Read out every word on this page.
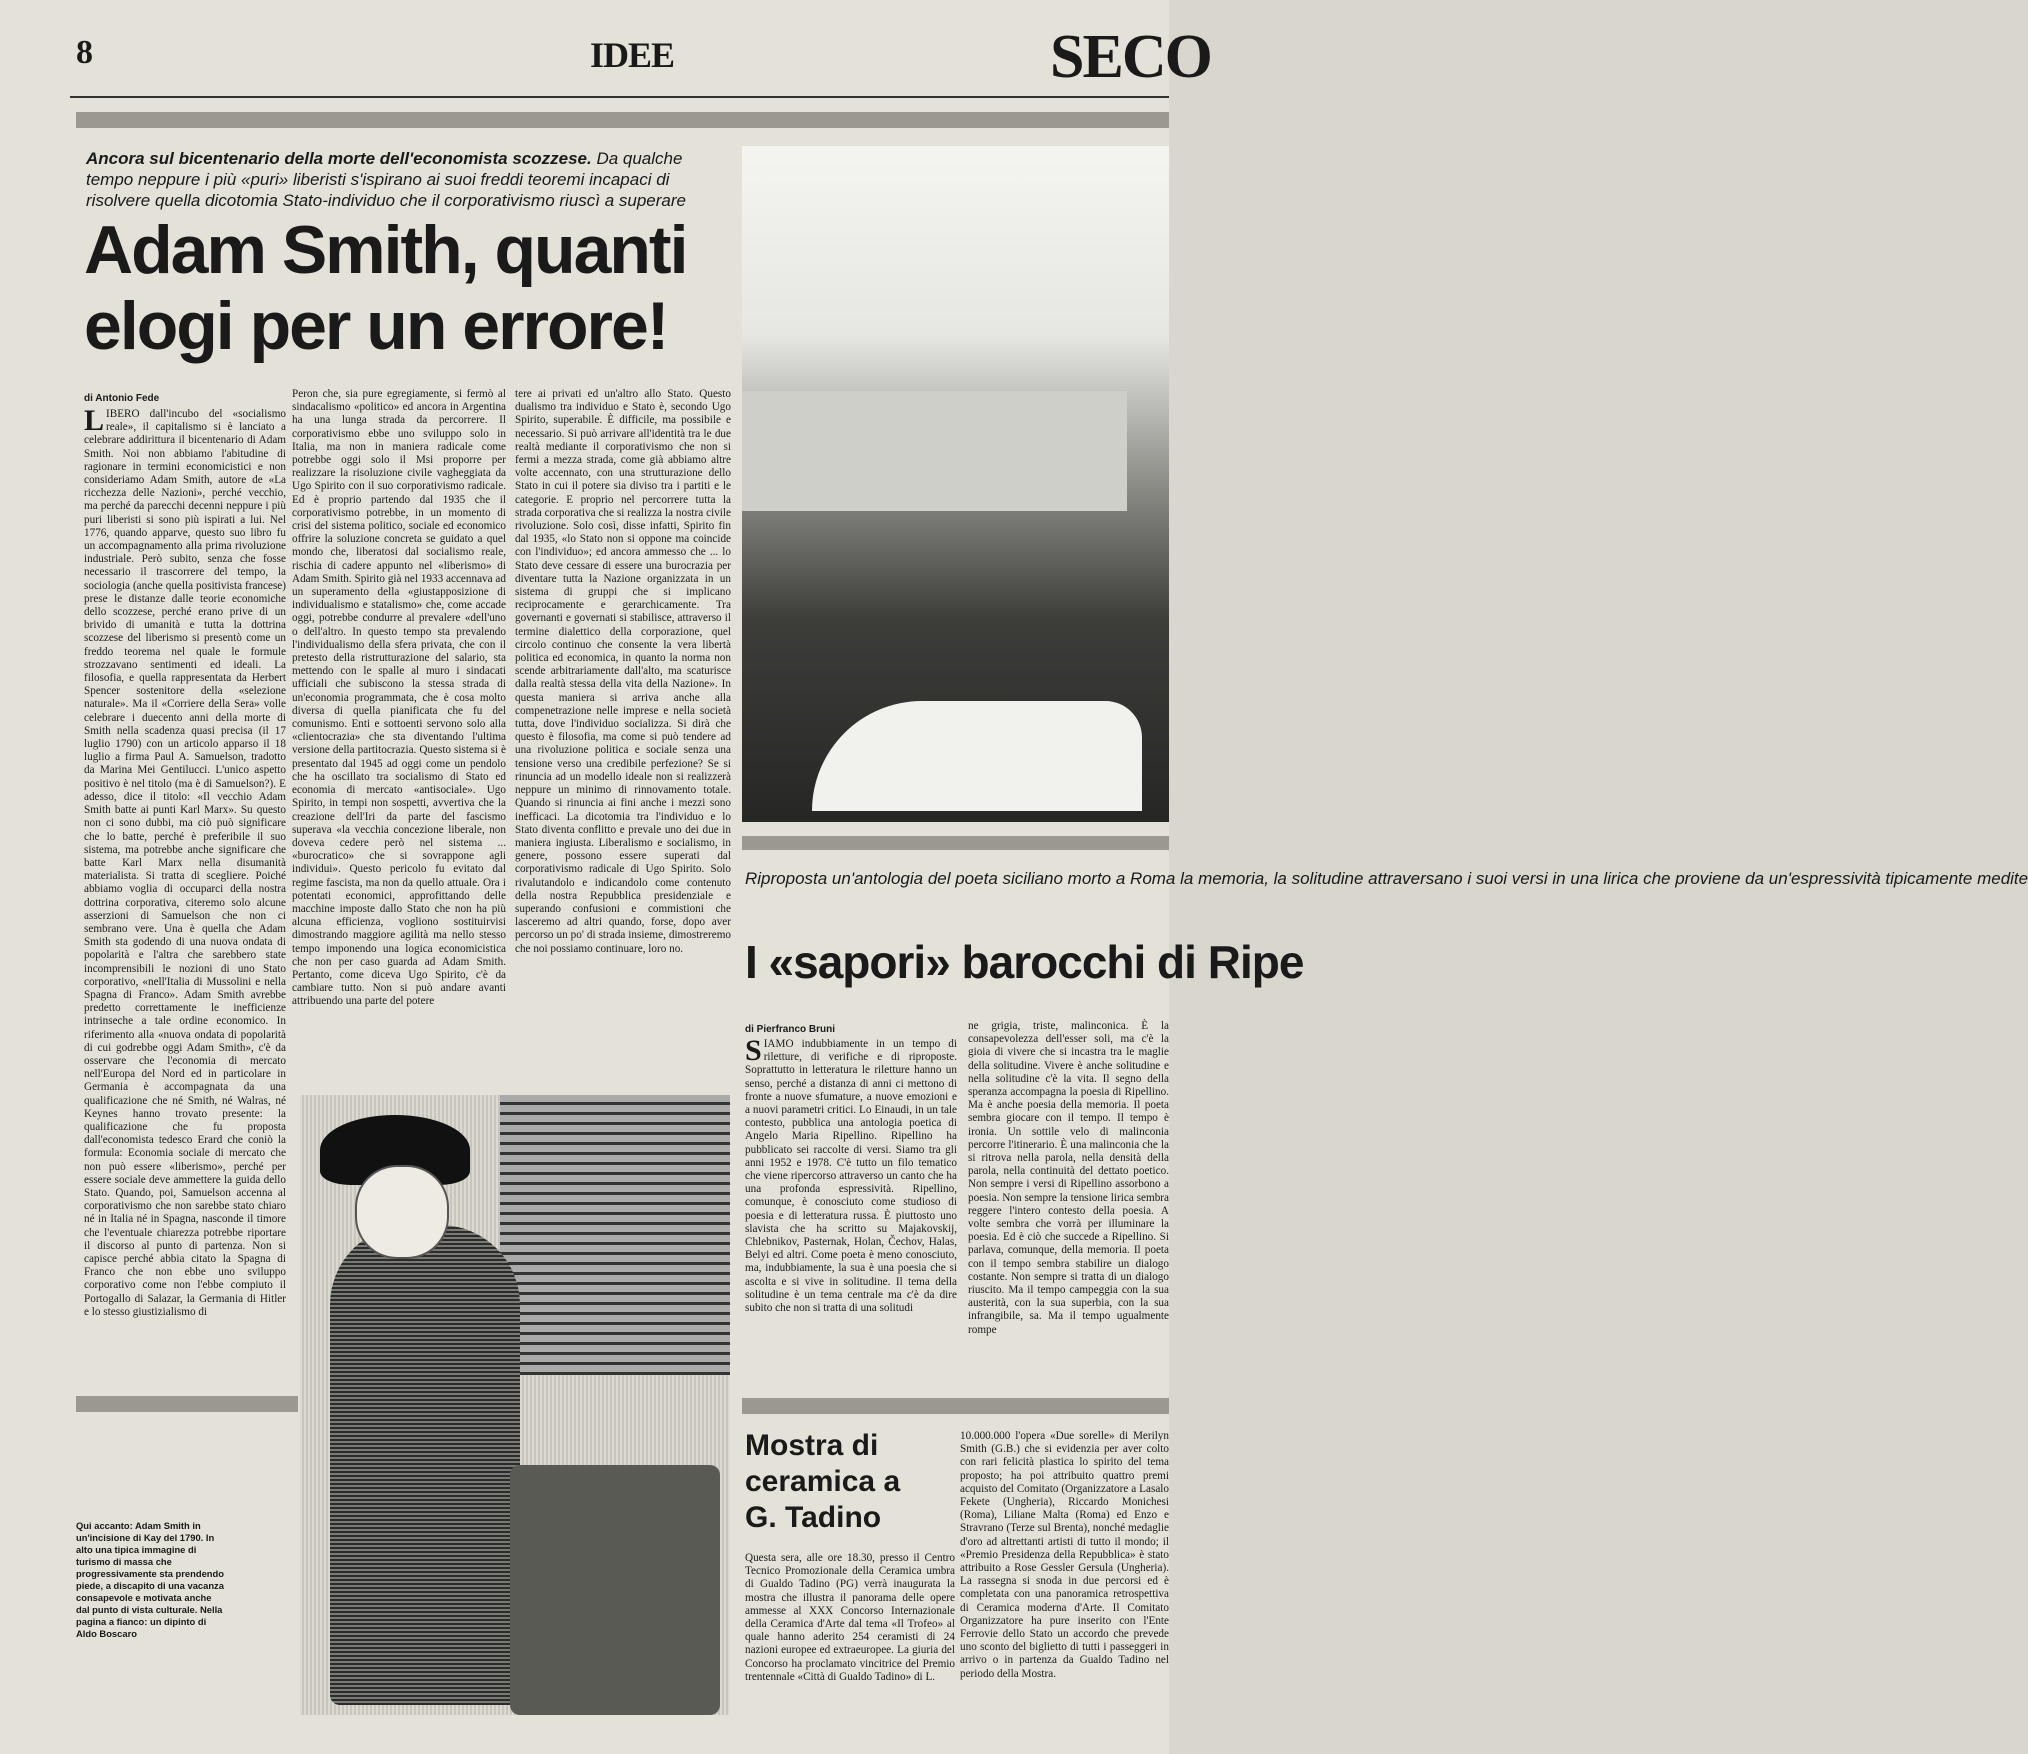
8	IDEE	SECO
Ancora sul bicentenario della morte dell'economista scozzese. Da qualche tempo neppure i più «puri» liberisti s'ispirano ai suoi freddi teoremi incapaci di risolvere quella dicotomia Stato-individuo che il corporativismo riuscì a superare
Adam Smith, quanti elogi per un errore!
di Antonio Fede
LIBERO dall'incubo del «socialismo reale», il capitalismo si è lanciato a celebrare addirittura il bicentenario di Adam Smith. Noi non abbiamo l'abitudine di ragionare in termini economicistici e non consideriamo Adam Smith, autore de «La ricchezza delle Nazioni», perché vecchio, ma perché da parecchi decenni neppure i più puri liberisti si sono più ispirati a lui. Nel 1776, quando apparve, questo suo libro fu un accompagnamento alla prima rivoluzione industriale. Però subito, senza che fosse necessario il trascorrere del tempo, la sociologia (anche quella positivista francese) prese le distanze dalle teorie economiche dello scozzese, perché erano prive di un brivido di umanità e tutta la dottrina scozzese del liberismo si presentò come un freddo teorema nel quale le formule strozzavano sentimenti ed ideali. La filosofia, e quella rappresentata da Herbert Spencer sostenitore della «selezione naturale». Ma il «Corriere della Sera» volle celebrare i duecento anni della morte di Smith nella scadenza quasi precisa (il 17 luglio 1790) con un articolo apparso il 18 luglio a firma Paul A. Samuelson, tradotto da Marina Mei Gentilucci. L'unico aspetto positivo è nel titolo (ma è di Samuelson?). E adesso, dice il titolo: «Il vecchio Adam Smith batte ai punti Karl Marx». Su questo non ci sono dubbi, ma ciò può significare che lo batte, perché è preferibile il suo sistema, ma potrebbe anche significare che batte Karl Marx nella disumanità materialista. Si tratta di scegliere. Poiché abbiamo voglia di occuparci della nostra dottrina corporativa, citeremo solo alcune asserzioni di Samuelson che non ci sembrano vere. Una è quella che Adam Smith sta godendo di una nuova ondata di popolarità e l'altra che sarebbero state incomprensibili le nozioni di uno Stato corporativo, «nell'Italia di Mussolini e nella Spagna di Franco». Adam Smith avrebbe predetto correttamente le inefficienze intrinseche a tale ordine economico. In riferimento alla «nuova ondata di popolarità di cui godrebbe oggi Adam Smith», c'è da osservare che l'economia di mercato nell'Europa del Nord ed in particolare in Germania è accompagnata da una qualificazione che né Smith, né Walras, né Keynes hanno trovato presente: la qualificazione che fu proposta dall'economista tedesco Erard che coniò la formula: Economia sociale di mercato che non può essere «liberismo», perché per essere sociale deve ammettere la guida dello Stato. Quando, poi, Samuelson accenna al corporativismo che non sarebbe stato chiaro né in Italia né in Spagna, nasconde il timore che l'eventuale chiarezza potrebbe riportare il discorso al punto di partenza. Non si capisce perché abbia citato la Spagna di Franco che non ebbe uno sviluppo corporativo come non l'ebbe compiuto il Portogallo di Salazar, la Germania di Hitler e lo stesso giustizialismo di
Peron che, sia pure egregiamente, si fermò al sindacalismo «politico» ed ancora in Argentina ha una lunga strada da percorrere. Il corporativismo ebbe uno sviluppo solo in Italia, ma non in maniera radicale come potrebbe oggi solo il Msi proporre per realizzare la risoluzione civile vagheggiata da Ugo Spirito con il suo corporativismo radicale. Ed è proprio partendo dal 1935 che il corporativismo potrebbe, in un momento di crisi del sistema politico, sociale ed economico offrire la soluzione concreta se guidato a quel mondo che, liberatosi dal socialismo reale, rischia di cadere appunto nel «liberismo» di Adam Smith. Spirito già nel 1933 accennava ad un superamento della «giustapposizione di individualismo e statalismo» che, come accade oggi, potrebbe condurre al prevalere «dell'uno o dell'altro. In questo tempo sta prevalendo l'individualismo della sfera privata, che con il pretesto della ristrutturazione del salario, sta mettendo con le spalle al muro i sindacati ufficiali che subiscono la stessa strada di un'economia programmata, che è cosa molto diversa di quella pianificata che fu del comunismo. Enti e sottoenti servono solo alla «clientocrazia» che sta diventando l'ultima versione della partitocrazia. Questo sistema si è presentato dal 1945 ad oggi come un pendolo che ha oscillato tra socialismo di Stato ed economia di mercato «antisociale». Ugo Spirito, in tempi non sospetti, avvertiva che la creazione dell'Iri da parte del fascismo superava «la vecchia concezione liberale, non doveva cedere però nel sistema ... «burocratico» che si sovrappone agli individui». Questo pericolo fu evitato dal regime fascista, ma non da quello attuale. Ora i potentati economici, approfittando delle macchine imposte dallo Stato che non ha più alcuna efficienza, vogliono sostituirvisi dimostrando maggiore agilità ma nello stesso tempo imponendo una logica economicistica che non per caso guarda ad Adam Smith. Pertanto, come diceva Ugo Spirito, c'è da cambiare tutto. Non si può andare avanti attribuendo una parte del potere
tere ai privati ed un'altro allo Stato. Questo dualismo tra individuo e Stato è, secondo Ugo Spirito, superabile. È difficile, ma possibile e necessario. Si può arrivare all'identità tra le due realtà mediante il corporativismo che non si fermi a mezza strada, come già abbiamo altre volte accennato, con una strutturazione dello Stato in cui il potere sia diviso tra i partiti e le categorie. E proprio nel percorrere tutta la strada corporativa che si realizza la nostra civile rivoluzione. Solo così, disse infatti, Spirito fin dal 1935, «lo Stato non si oppone ma coincide con l'individuo»; ed ancora ammesso che ... lo Stato deve cessare di essere una burocrazia per diventare tutta la Nazione organizzata in un sistema di gruppi che si implicano reciprocamente e gerarchicamente. Tra governanti e governati si stabilisce, attraverso il termine dialettico della corporazione, quel circolo continuo che consente la vera libertà politica ed economica, in quanto la norma non scende arbitrariamente dall'alto, ma scaturisce dalla realtà stessa della vita della Nazione». In questa maniera si arriva anche alla compenetrazione nelle imprese e nella società tutta, dove l'individuo socializza. Si dirà che questo è filosofia, ma come si può tendere ad una rivoluzione politica e sociale senza una tensione verso una credibile perfezione? Se si rinuncia ad un modello ideale non si realizzerà neppure un minimo di rinnovamento totale. Quando si rinuncia ai fini anche i mezzi sono inefficaci. La dicotomia tra l'individuo e lo Stato diventa conflitto e prevale uno dei due in maniera ingiusta. Liberalismo e socialismo, in genere, possono essere superati dal corporativismo radicale di Ugo Spirito. Solo rivalutandolo e indicandolo come contenuto della nostra Repubblica presidenziale e superando confusioni e commistioni che lasceremo ad altri quando, forse, dopo aver percorso un po' di strada insieme, dimostreremo che noi possiamo continuare, loro no.
Riproposta un'antologia del poeta siciliano morto a Roma la memoria, la solitudine attraversano i suoi versi in una lirica che proviene da un'espressività tipicamente medite
I «sapori» barocchi di Ripe
di Pierfranco Bruni
SIAMO indubbiamente in un tempo di riletture, di verifiche e di riproposte. Soprattutto in letteratura le riletture hanno un senso, perché a distanza di anni ci mettono di fronte a nuove sfumature, a nuove emozioni e a nuovi parametri critici. Lo Einaudi, in un tale contesto, pubblica una antologia poetica di Angelo Maria Ripellino. Ripellino ha pubblicato sei raccolte di versi. Siamo tra gli anni 1952 e 1978. C'è tutto un filo tematico che viene ripercorso attraverso un canto che ha una profonda espressività. Ripellino, comunque, è conosciuto come studioso di poesia e di letteratura russa. È piuttosto uno slavista che ha scritto su Majakovskij, Chlebnikov, Pasternak, Holan, Čechov, Halas, Belyi ed altri. Come poeta è meno conosciuto, ma, indubbiamente, la sua è una poesia che si ascolta e si vive in solitudine. Il tema della solitudine è un tema centrale ma c'è da dire subito che non si tratta di una solitudi
ne grigia, triste, malinconica. È la consapevolezza dell'esser soli, ma c'è la gioia di vivere che si incastra tra le maglie della solitudine. Vivere è anche solitudine e nella solitudine c'è la vita. Il segno della speranza accompagna la poesia di Ripellino. Ma è anche poesia della memoria. Il poeta sembra giocare con il tempo. Il tempo è ironia. Un sottile velo di malinconia percorre l'itinerario. È una malinconia che la si ritrova nella parola, nella densità della parola, nella continuità del dettato poetico. Non sempre i versi di Ripellino assorbono a poesia. Non sempre la tensione lirica sembra reggere l'intero contesto della poesia. A volte sembra che vorrà per illuminare la poesia. Ed è ciò che succede a Ripellino. Si parlava, comunque, della memoria. Il poeta con il tempo sembra stabilire un dialogo costante. Non sempre si tratta di un dialogo riuscito. Ma il tempo campeggia con la sua austerità, con la sua superbia, con la sua infrangibile, sa. Ma il tempo ugualmente rompe
Qui accanto: Adam Smith in un'incisione di Kay del 1790. In alto una tipica immagine di turismo di massa che progressivamente sta prendendo piede, a discapito di una vacanza consapevole e motivata anche dal punto di vista culturale. Nella pagina a fianco: un dipinto di Aldo Boscaro
Mostra di ceramica a G. Tadino
Questa sera, alle ore 18.30, presso il Centro Tecnico Promozionale della Ceramica umbra di Gualdo Tadino (PG) verrà inaugurata la mostra che illustra il panorama delle opere ammesse al XXX Concorso Internazionale della Ceramica d'Arte dal tema «Il Trofeo» al quale hanno aderito 254 ceramisti di 24 nazioni europee ed extraeuropee. La giuria del Concorso ha proclamato vincitrice del Premio trentennale «Città di Gualdo Tadino» di L.
10.000.000 l'opera «Due sorelle» di Merilyn Smith (G.B.) che si evidenzia per aver colto con rari felicità plastica lo spirito del tema proposto; ha poi attribuito quattro premi acquisto del Comitato (Organizzatore a Lasalo Fekete (Ungheria), Riccardo Monichesi (Roma), Liliane Malta (Roma) ed Enzo e Stravrano (Terze sul Brenta), nonché medaglie d'oro ad altrettanti artisti di tutto il mondo; il «Premio Presidenza della Repubblica» è stato attribuito a Rose Gessler Gersula (Ungheria). La rassegna si snoda in due percorsi ed è completata con una panoramica retrospettiva di Ceramica moderna d'Arte. Il Comitato Organizzatore ha pure inserito con l'Ente Ferrovie dello Stato un accordo che prevede uno sconto del biglietto di tutti i passeggeri in arrivo o in partenza da Gualdo Tadino nel periodo della Mostra.
